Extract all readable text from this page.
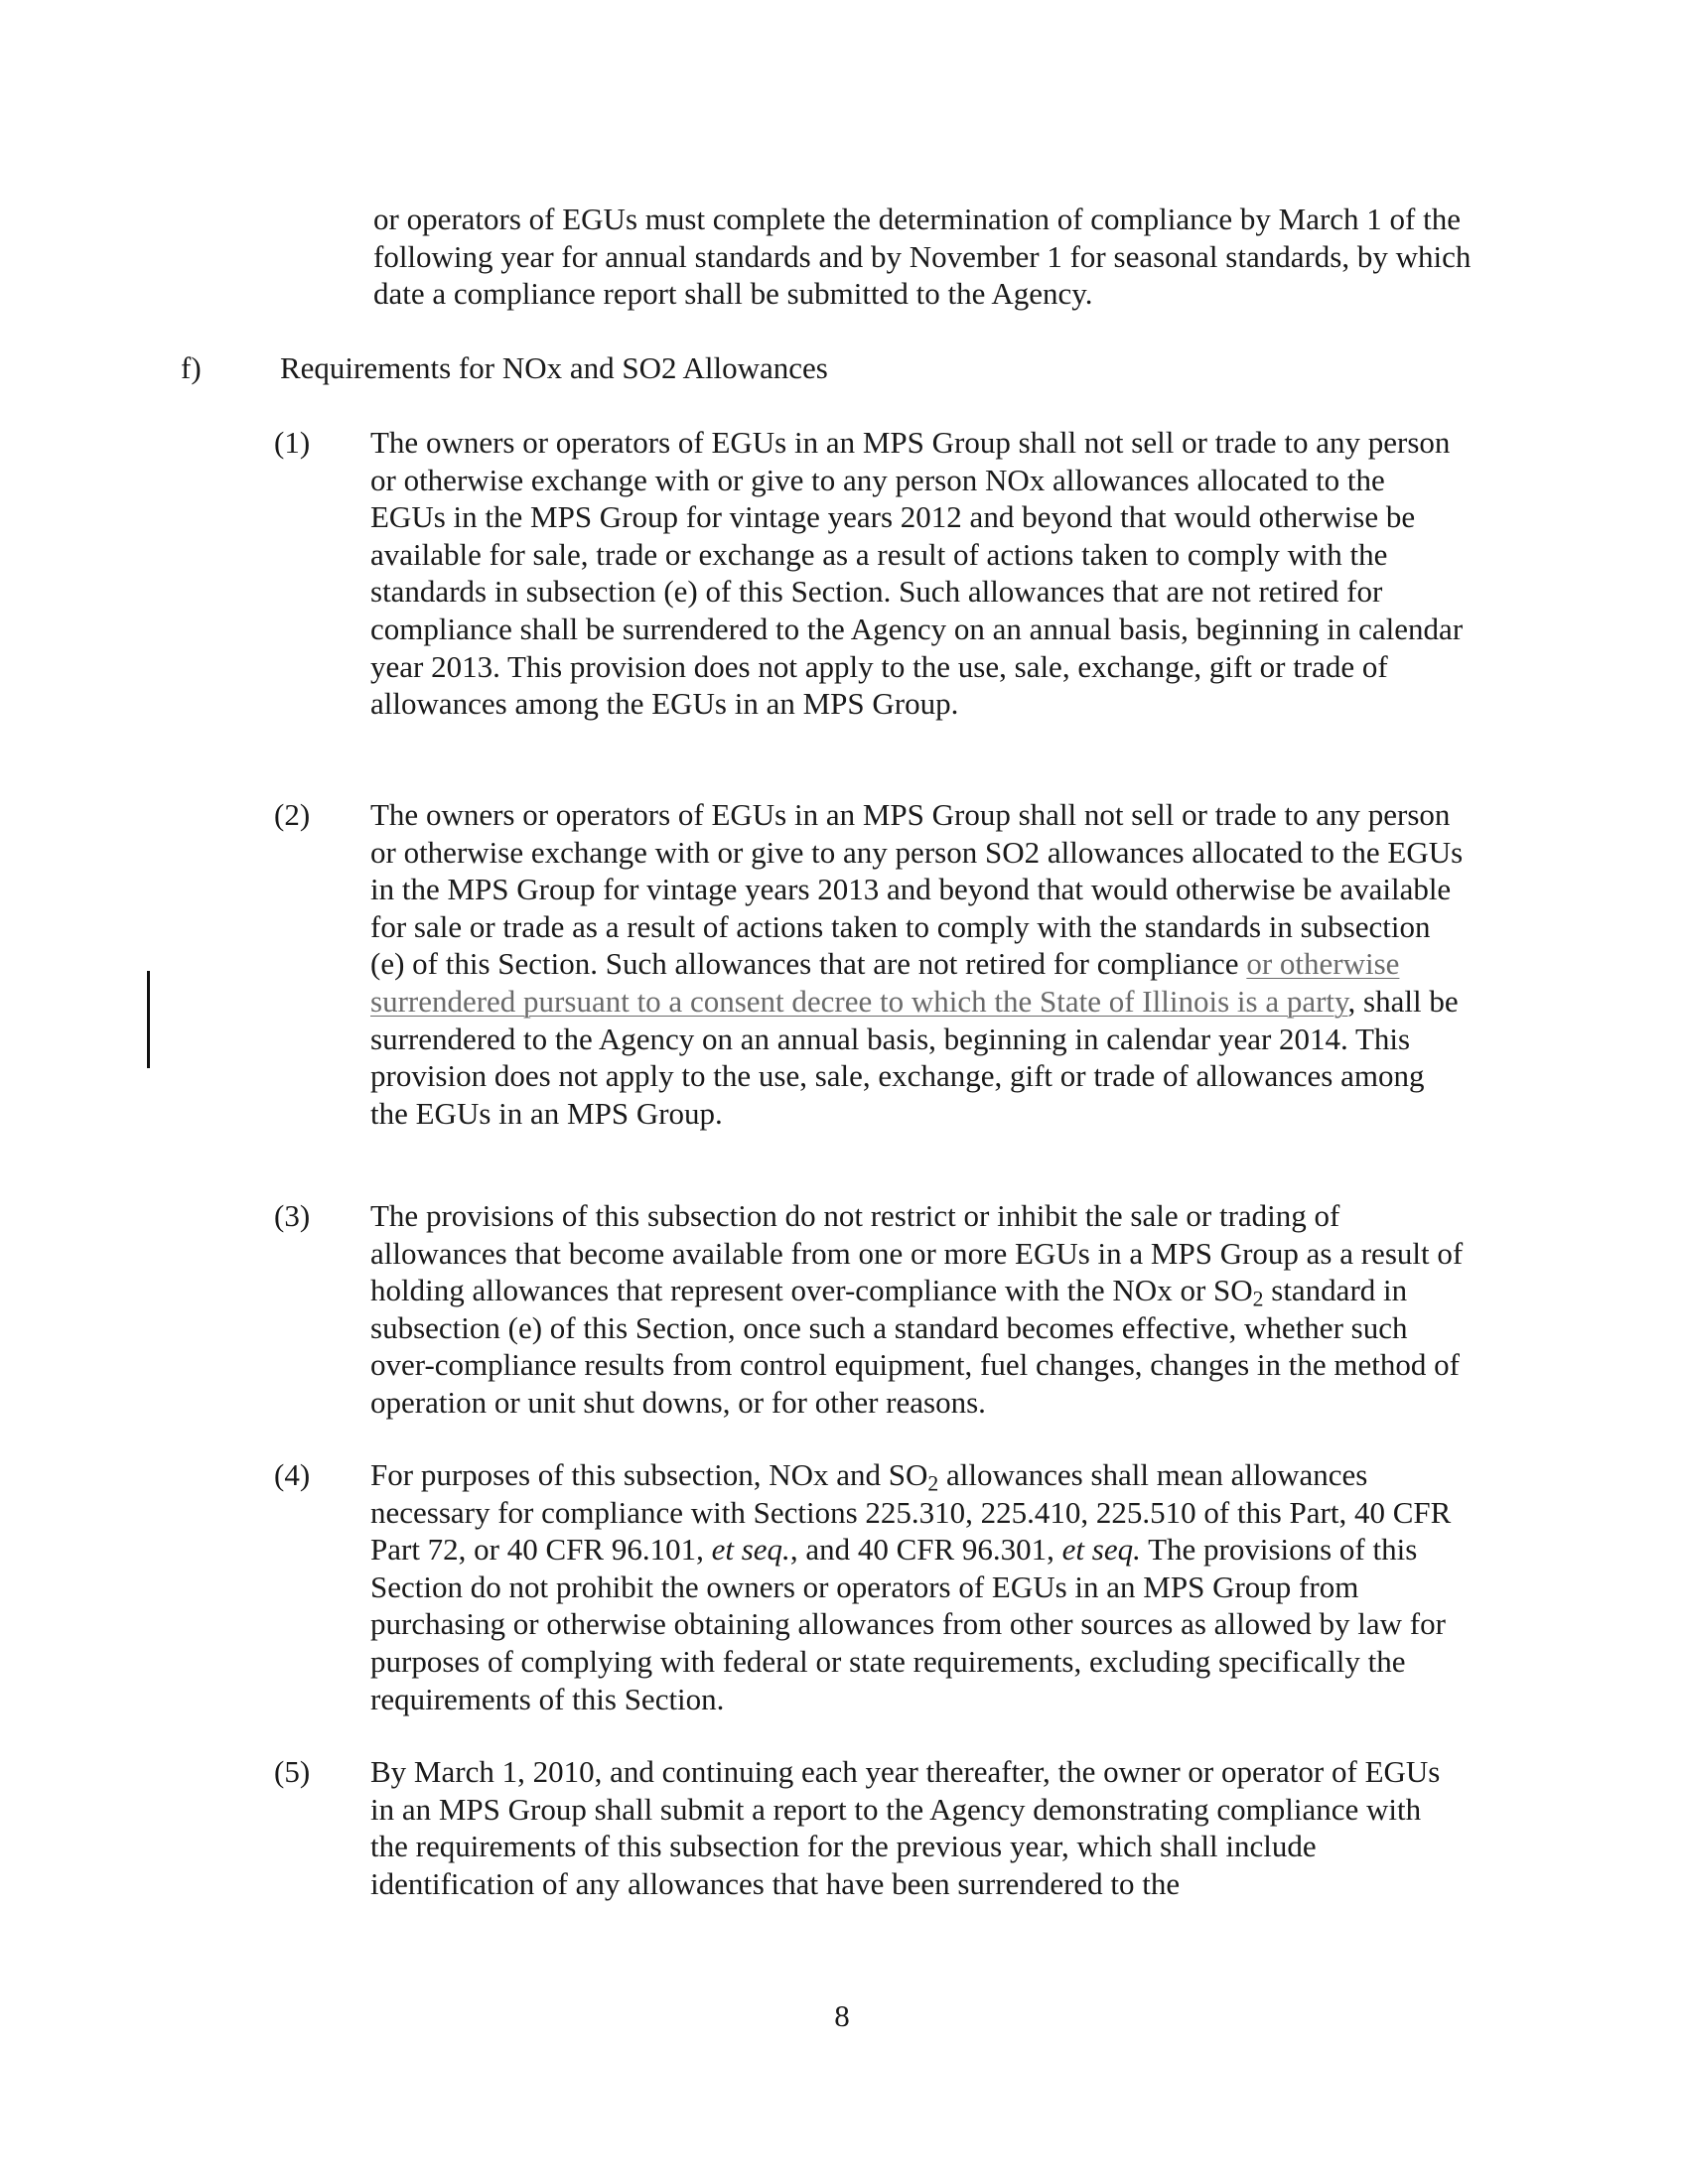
or operators of EGUs must complete the determination of compliance by March 1 of the following year for annual standards and by November 1 for seasonal standards, by which date a compliance report shall be submitted to the Agency.

f)	Requirements for NOx and SO2 Allowances
(1) The owners or operators of EGUs in an MPS Group shall not sell or trade to any person or otherwise exchange with or give to any person NOx allowances allocated to the EGUs in the MPS Group for vintage years 2012 and beyond that would otherwise be available for sale, trade or exchange as a result of actions taken to comply with the standards in subsection (e) of this Section. Such allowances that are not retired for compliance shall be surrendered to the Agency on an annual basis, beginning in calendar year 2013. This provision does not apply to the use, sale, exchange, gift or trade of allowances among the EGUs in an MPS Group.

(2) The owners or operators of EGUs in an MPS Group shall not sell or trade to any person or otherwise exchange with or give to any person SO2 allowances allocated to the EGUs in the MPS Group for vintage years 2013 and beyond that would otherwise be available for sale or trade as a result of actions taken to comply with the standards in subsection (e) of this Section. Such allowances that are not retired for compliance or otherwise surrendered pursuant to a consent decree to which the State of Illinois is a party, shall be surrendered to the Agency on an annual basis, beginning in calendar year 2014. This provision does not apply to the use, sale, exchange, gift or trade of allowances among the EGUs in an MPS Group.

(3) The provisions of this subsection do not restrict or inhibit the sale or trading of allowances that become available from one or more EGUs in a MPS Group as a result of holding allowances that represent over-compliance with the NOx or $SO_2$ standard in subsection (e) of this Section, once such a standard becomes effective, whether such over-compliance results from control equipment, fuel changes, changes in the method of operation or unit shut downs, or for other reasons.

(4) For purposes of this subsection, NOx and $SO_2$ allowances shall mean allowances necessary for compliance with Sections 225.310, 225.410, 225.510 of this Part, 40 CFR Part 72, or 40 CFR 96.101, et seq., and 40 CFR 96.301, et seq. The provisions of this Section do not prohibit the owners or operators of EGUs in an MPS Group from purchasing or otherwise obtaining allowances from other sources as allowed by law for purposes of complying with federal or state requirements, excluding specifically the requirements of this Section.

(5) By March 1, 2010, and continuing each year thereafter, the owner or operator of EGUs in an MPS Group shall submit a report to the Agency demonstrating compliance with the requirements of this subsection for the previous year, which shall include identification of any allowances that have been surrendered to the

8
